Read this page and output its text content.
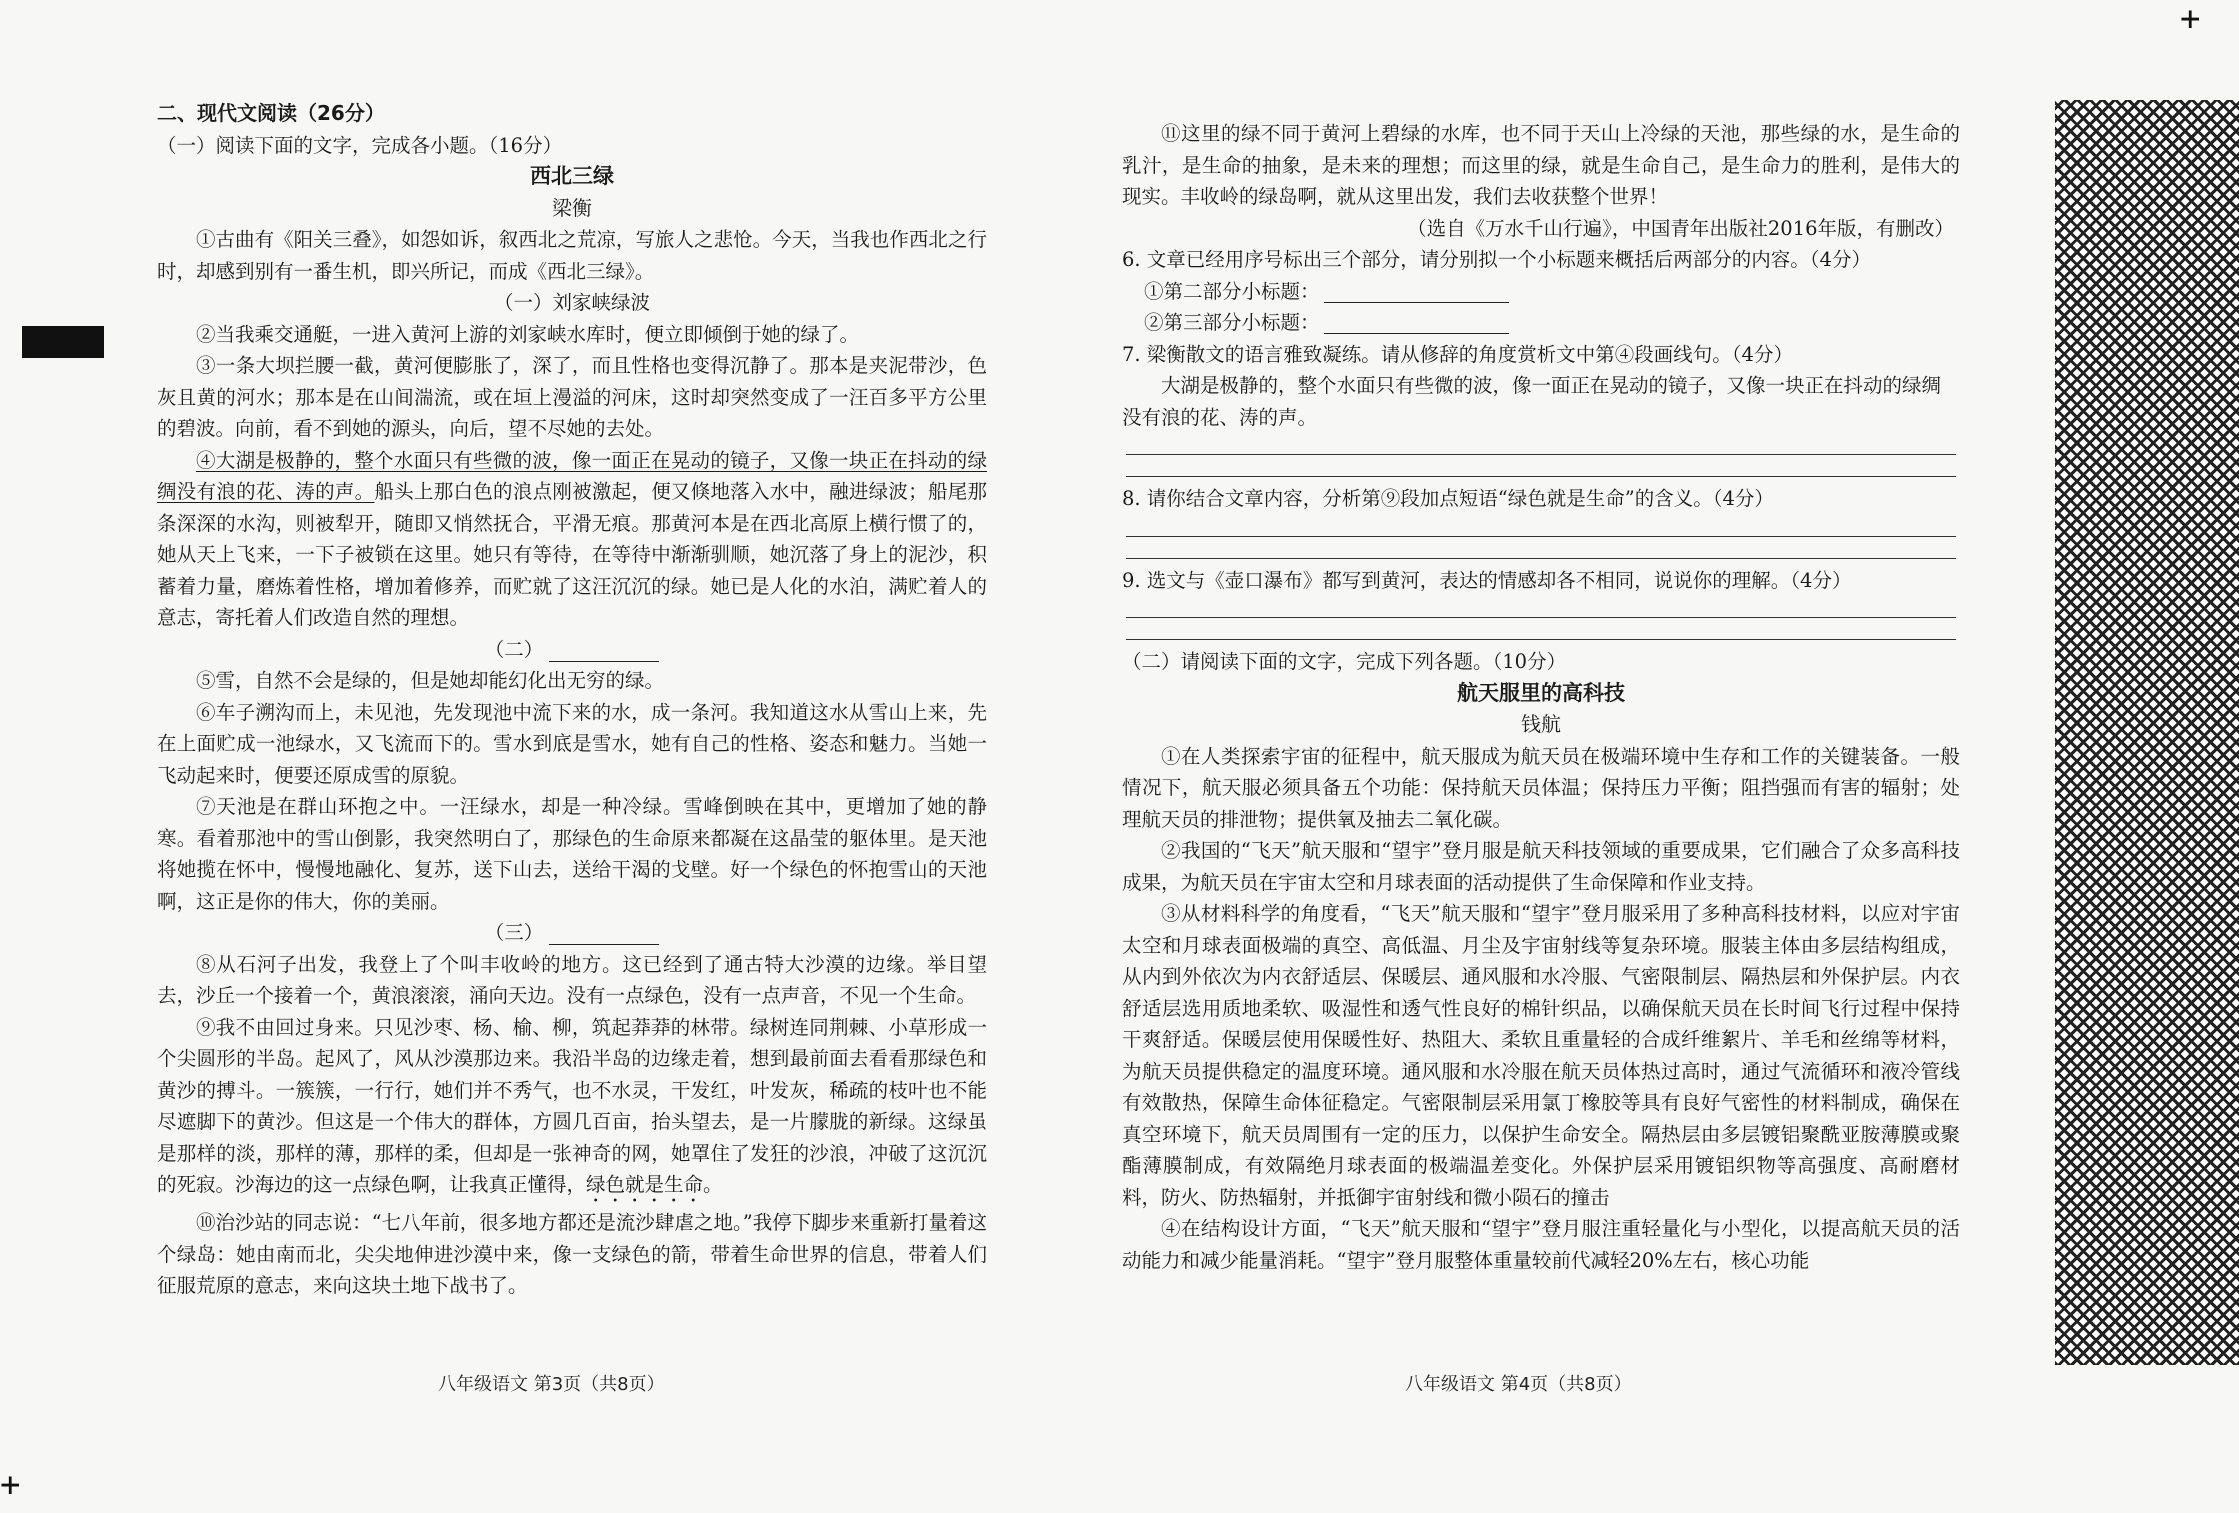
+
+
二、现代文阅读（26分）
（一）阅读下面的文字，完成各小题。（16分）
西北三绿
梁衡

①古曲有《阳关三叠》，如怨如诉，叙西北之荒凉，写旅人之悲怆。今天，当我也作西北之行时，却感到别有一番生机，即兴所记，而成《西北三绿》。

（一）刘家峡绿波

②当我乘交通艇，一进入黄河上游的刘家峡水库时，便立即倾倒于她的绿了。

③一条大坝拦腰一截，黄河便膨胀了，深了，而且性格也变得沉静了。那本是夹泥带沙，色灰且黄的河水；那本是在山间湍流，或在垣上漫溢的河床，这时却突然变成了一汪百多平方公里的碧波。向前，看不到她的源头，向后，望不尽她的去处。

④大湖是极静的，整个水面只有些微的波，像一面正在晃动的镜子，又像一块正在抖动的绿绸没有浪的花、涛的声。船头上那白色的浪点刚被激起，便又倏地落入水中，融进绿波；船尾那条深深的水沟，则被犁开，随即又悄然抚合，平滑无痕。那黄河本是在西北高原上横行惯了的，她从天上飞来，一下子被锁在这里。她只有等待，在等待中渐渐驯顺，她沉落了身上的泥沙，积蓄着力量，磨炼着性格，增加着修养，而贮就了这汪沉沉的绿。她已是人化的水泊，满贮着人的意志，寄托着人们改造自然的理想。

（二）

⑤雪，自然不会是绿的，但是她却能幻化出无穷的绿。

⑥车子溯沟而上，未见池，先发现池中流下来的水，成一条河。我知道这水从雪山上来，先在上面贮成一池绿水，又飞流而下的。雪水到底是雪水，她有自己的性格、姿态和魅力。当她一飞动起来时，便要还原成雪的原貌。

⑦天池是在群山环抱之中。一汪绿水，却是一种冷绿。雪峰倒映在其中，更增加了她的静寒。看着那池中的雪山倒影，我突然明白了，那绿色的生命原来都凝在这晶莹的躯体里。是天池将她揽在怀中，慢慢地融化、复苏，送下山去，送给干渴的戈壁。好一个绿色的怀抱雪山的天池啊，这正是你的伟大，你的美丽。

（三）

⑧从石河子出发，我登上了个叫丰收岭的地方。这已经到了通古特大沙漠的边缘。举目望去，沙丘一个接着一个，黄浪滚滚，涌向天边。没有一点绿色，没有一点声音，不见一个生命。

⑨我不由回过身来。只见沙枣、杨、榆、柳，筑起莽莽的林带。绿树连同荆棘、小草形成一个尖圆形的半岛。起风了，风从沙漠那边来。我沿半岛的边缘走着，想到最前面去看看那绿色和黄沙的搏斗。一簇簇，一行行，她们并不秀气，也不水灵，干发红，叶发灰，稀疏的枝叶也不能尽遮脚下的黄沙。但这是一个伟大的群体，方圆几百亩，抬头望去，是一片朦胧的新绿。这绿虽是那样的淡，那样的薄，那样的柔，但却是一张神奇的网，她罩住了发狂的沙浪，冲破了这沉沉的死寂。沙海边的这一点绿色啊，让我真正懂得，绿色就是生命。

⑩治沙站的同志说：“七八年前，很多地方都还是流沙肆虐之地。”我停下脚步来重新打量着这个绿岛：她由南而北，尖尖地伸进沙漠中来，像一支绿色的箭，带着生命世界的信息，带着人们征服荒原的意志，来向这块土地下战书了。

⑪这里的绿不同于黄河上碧绿的水库，也不同于天山上冷绿的天池，那些绿的水，是生命的乳汁，是生命的抽象，是未来的理想；而这里的绿，就是生命自己，是生命力的胜利，是伟大的现实。丰收岭的绿岛啊，就从这里出发，我们去收获整个世界！

（选自《万水千山行遍》，中国青年出版社2016年版，有删改）
6. 文章已经用序号标出三个部分，请分别拟一个小标题来概括后两部分的内容。（4分）
①第二部分小标题：
②第三部分小标题：
7. 梁衡散文的语言雅致凝练。请从修辞的角度赏析文中第④段画线句。（4分）
大湖是极静的，整个水面只有些微的波，像一面正在晃动的镜子，又像一块正在抖动的绿绸没有浪的花、涛的声。
8. 请你结合文章内容，分析第⑨段加点短语“绿色就是生命”的含义。（4分）
9. 选文与《壶口瀑布》都写到黄河，表达的情感却各不相同，说说你的理解。（4分）
（二）请阅读下面的文字，完成下列各题。（10分）
航天服里的高科技
钱航

①在人类探索宇宙的征程中，航天服成为航天员在极端环境中生存和工作的关键装备。一般情况下，航天服必须具备五个功能：保持航天员体温；保持压力平衡；阻挡强而有害的辐射；处理航天员的排泄物；提供氧及抽去二氧化碳。

②我国的“飞天”航天服和“望宇”登月服是航天科技领域的重要成果，它们融合了众多高科技成果，为航天员在宇宙太空和月球表面的活动提供了生命保障和作业支持。

③从材料科学的角度看，“飞天”航天服和“望宇”登月服采用了多种高科技材料，以应对宇宙太空和月球表面极端的真空、高低温、月尘及宇宙射线等复杂环境。服装主体由多层结构组成，从内到外依次为内衣舒适层、保暖层、通风服和水冷服、气密限制层、隔热层和外保护层。内衣舒适层选用质地柔软、吸湿性和透气性良好的棉针织品，以确保航天员在长时间飞行过程中保持干爽舒适。保暖层使用保暖性好、热阻大、柔软且重量轻的合成纤维絮片、羊毛和丝绵等材料，为航天员提供稳定的温度环境。通风服和水冷服在航天员体热过高时，通过气流循环和液冷管线有效散热，保障生命体征稳定。气密限制层采用氯丁橡胶等具有良好气密性的材料制成，确保在真空环境下，航天员周围有一定的压力，以保护生命安全。隔热层由多层镀铝聚酰亚胺薄膜或聚酯薄膜制成，有效隔绝月球表面的极端温差变化。外保护层采用镀铝织物等高强度、高耐磨材料，防火、防热辐射，并抵御宇宙射线和微小陨石的撞击

④在结构设计方面，“飞天”航天服和“望宇”登月服注重轻量化与小型化，以提高航天员的活动能力和减少能量消耗。“望宇”登月服整体重量较前代减轻20%左右，核心功能

八年级语文 第3页（共8页）	八年级语文 第4页（共8页）
